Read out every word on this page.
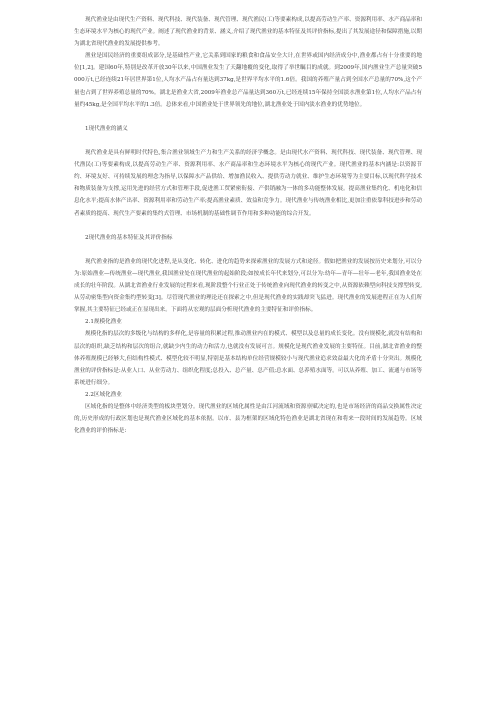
现代渔业是由现代生产资料、现代科技、现代装备、现代管理、现代渔民(工)等要素构成,以提高劳动生产率、资源利用率、水产商品率和生态环境水平为核心的现代产业。阐述了现代渔业的背景、涵义,介绍了现代渔业的基本特征及其评价指标,提出了其发展途径和保障措施,以期为湖北省现代渔业的发展提供参考。

渔业是国民经济的重要组成部分,是基础性产业,它关系到国家的粮食和食品安全大计,在世界或国内经济成分中,渔业都占有十分重要的地位[1,2]。建国60年,特别是改革开放30年以来,中国渔业发生了天翻地覆的变化,取得了举世瞩目的成就。到2009年,国内渔业生产总量突破5 000万t,已经连续21年居世界第1位,人均水产品占有量达到37kg,是世界平均水平的1.6倍。我国的养殖产量占到全国水产总量的70%,这个产量也占到了世界养殖总量的70%。湖北是渔业大省,2009年渔业总产品量达到360万t,已经连续15年保持全国淡水渔业第1位,人均水产品占有量约45kg,是全国平均水平的1.3倍。总体来看,中国渔业处于世界领先的地位,湖北渔业处于国内淡水渔业的优势地位。

1现代渔业的涵义

现代渔业是具有鲜明时代特色,集合渔业领域生产力和生产关系的经济学概念。是由现代水产资料、现代科技、现代装备、现代管理、现代渔民(工)等要素构成,以提高劳动生产率、资源利用率、水产商品率和生态环境水平为核心的现代产业。现代渔业的基本内涵是:以资源节约、环境友好、可持续发展的理念为指导,以保障水产品供给、增加渔民收入、提供劳动力就业、维护生态环境等为主要目标,以现代科学技术和物质装备为支撑,运用先进的经营方式和管理手段,促进渔工贸紧密衔接、产供销融为一体的多功能整体发展。提高渔业集约化、机电化和信息化水平;提高水体产出率、资源利用率和劳动生产率;提高渔业素质、效益和竞争力。现代渔业与传统渔业相比,更加注重依靠科技进步和劳动者素质的提高、现代生产要素的集约式管理、市场机制的基础性调节作用和多种功能的综合开发。

2现代渔业的基本特征及其评价指标

现代渔业指的是渔业的现代化进程,是从变化、转化、进化的趋势来探索渔业的发展方式和途径。假如把渔业的发展按历史来划分,可以分为:原始渔业—传统渔业—现代渔业,我国渔业处在现代渔业的起始阶段;如按成长年代来划分,可以分为:幼年—青年—壮年—老年,我国渔业处在成长的壮年阶段。从湖北省渔业行业发展的过程来看,现阶段整个行业正处于传统渔业向现代渔业的转变之中,从资源依赖型向科技支撑型转变,从劳动密集型向资金集约型转变[3]。尽管现代渔业的理论还在探索之中,但是现代渔业的实践却突飞猛进。现代渔业的发展进程正在为人们所掌握,其主要特征已经或正在显现出来。下面将从宏观的层面分析现代渔业的主要特征和评价指标。

2.1规模化渔业

规模化指的层次的多级化与结构的多样化,是容量的积累过程,推动渔业内在的模式、模型以及总量的成长变化。没有规模化,就没有结构和层次的组织,缺乏结构和层次的组合,就缺少内生的动力和活力,也就没有发展可言。规模化是现代渔业发展的主要特征。目前,湖北省渔业的整体养殖规模已经够大,但结构性模式、模型化较不明显,特别是基本结构单位经营规模较小与现代渔业追求效益最大化的矛盾十分突出。规模化渔业的评价指标是:从业人口、从业劳动力、组织化程度;总投入、总产量、总产值;总水面、总养殖水面等。可以从养殖、加工、流通与市场等系统进行细分。

2.2区域化渔业

区域化指的是整体中经济类型的板块型划分。现代渔业的区域化属性是由江河流域和资源禀赋决定的,也是市场经济的商品交换属性决定的,历史形成的行政区划也是现代渔业区域化的基本依据。以市、县为框架的区域化特色渔业是湖北省现在和将来一段时间的发展趋势。区域化渔业的评价指标是:
